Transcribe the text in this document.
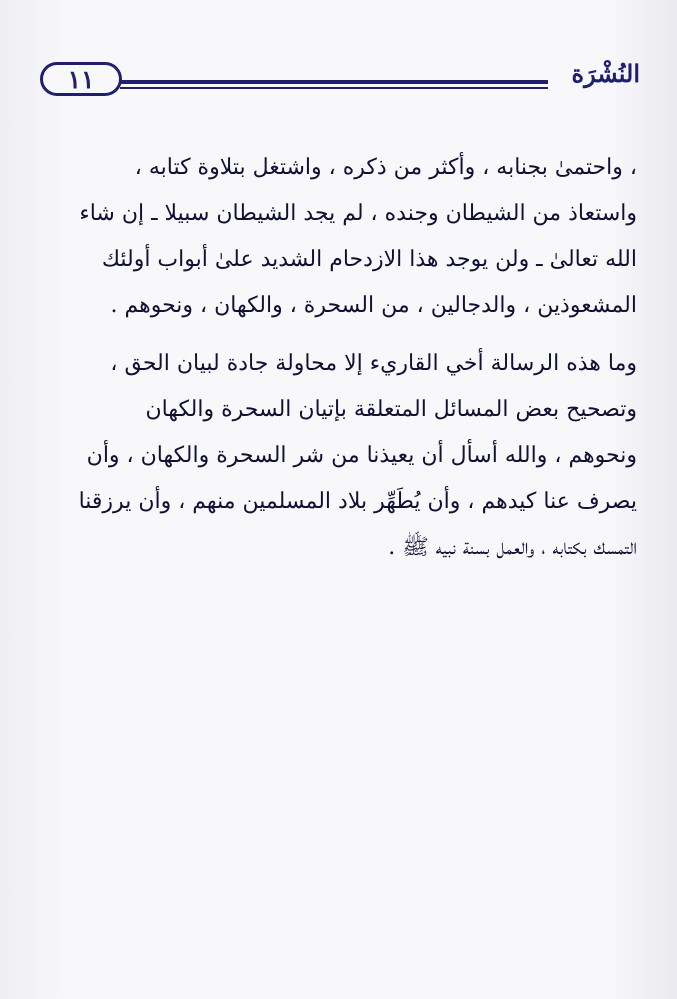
١١	النُشْرَة

، واحتمىٰ بجنابه ، وأكثر من ذكره ، واشتغل بتلاوة كتابه ،
واستعاذ من الشيطان وجنده ، لم يجد الشيطان سبيلا ـ إن شاء
الله تعالىٰ ـ ولن يوجد هذا الازدحام الشديد علىٰ أبواب أولئك
المشعوذين ، والدجالين ، من السحرة ، والكهان ، ونحوهم .

وما هذه الرسالة أخي القاريء إلا محاولة جادة لبيان الحق ،
وتصحيح بعض المسائل المتعلقة بإتيان السحرة والكهان
ونحوهم ، والله أسأل أن يعيذنا من شر السحرة والكهان ، وأن
يصرف عنا كيدهم ، وأن يُطَهِّر بلاد المسلمين منهم ، وأن يرزقنا
التمسك بكتابه ، والعمل بسنة نبيه ﷺ .
